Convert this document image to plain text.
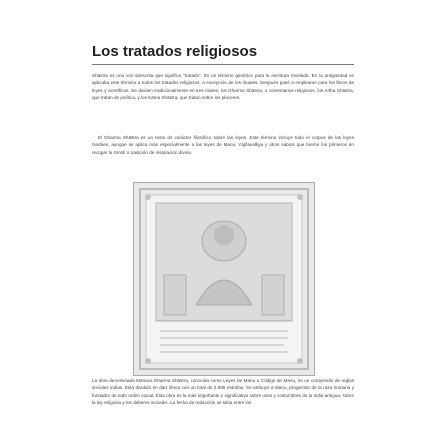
Los tratados religiosos
Shāstra es una voz sánscrita que significa "tratado". Es un término genérico para la escritura revelada. En la antigüedad se aplicaba este término a todos los tratados religiosos, a excepción de los rituales. Después pasó a emplearse para los libros de leyes y científicos. Se dividen tradicionalmente en tres clases, los Dharma Shāstra, o comentarios religiosos, los Artha Shāstra, que tratan de política, y los Kāma Shāstra, que tratan sobre los placeres.
El Dharma Shāstra es un texto de carácter filosófico sobre las leyes. Este término incluye todo el corpus de las leyes hindúes, aunque se aplica más especialmente a las leyes de Manu, Yājñavalkya y otros sabios que fueron los primeros en recoger la Smriti o tradición de inspiración divina.
La obra denominada Mānava Dharma Shāstra, conocida como Leyes de Manu o Código de Manu, es un compendio de reglas sociales indias. Está dividido en diez libros con un total de 2.685 estrofas. Se atribuye a Manu, progenitor de la raza humana y fundador de todo orden social. Esta obra es la más importante y significativa sobre usos y costumbres de la India antigua, sobre la ley religiosa y los deberes sociales. La fecha de redacción se sitúa entre los
